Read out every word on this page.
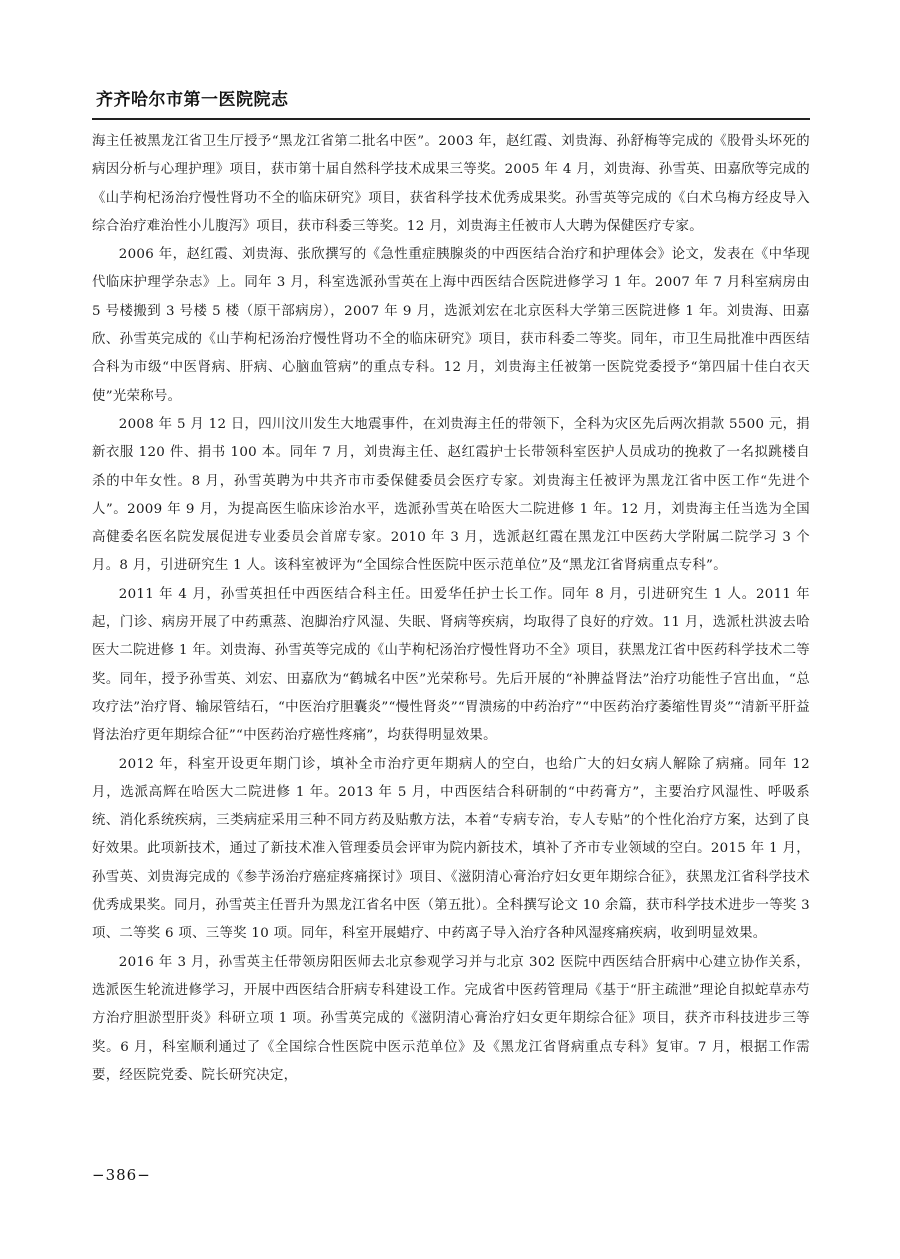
齐齐哈尔市第一医院院志

海主任被黑龙江省卫生厅授予“黑龙江省第二批名中医”。2003 年，赵红霞、刘贵海、孙舒梅等完成的《股骨头坏死的病因分析与心理护理》项目，获市第十届自然科学技术成果三等奖。2005 年 4 月，刘贵海、孙雪英、田嘉欣等完成的《山芋枸杞汤治疗慢性肾功不全的临床研究》项目，获省科学技术优秀成果奖。孙雪英等完成的《白术乌梅方经皮导入综合治疗难治性小儿腹泻》项目，获市科委三等奖。12 月，刘贵海主任被市人大聘为保健医疗专家。

2006 年，赵红霞、刘贵海、张欣撰写的《急性重症胰腺炎的中西医结合治疗和护理体会》论文，发表在《中华现代临床护理学杂志》上。同年 3 月，科室选派孙雪英在上海中西医结合医院进修学习 1 年。2007 年 7 月科室病房由 5 号楼搬到 3 号楼 5 楼（原干部病房），2007 年 9 月，选派刘宏在北京医科大学第三医院进修 1 年。刘贵海、田嘉欣、孙雪英完成的《山芋枸杞汤治疗慢性肾功不全的临床研究》项目，获市科委二等奖。同年，市卫生局批准中西医结合科为市级“中医肾病、肝病、心脑血管病”的重点专科。12 月，刘贵海主任被第一医院党委授予“第四届十佳白衣天使”光荣称号。

2008 年 5 月 12 日，四川汶川发生大地震事件，在刘贵海主任的带领下，全科为灾区先后两次捐款 5500 元，捐新衣服 120 件、捐书 100 本。同年 7 月，刘贵海主任、赵红霞护士长带领科室医护人员成功的挽救了一名拟跳楼自杀的中年女性。8 月，孙雪英聘为中共齐市市委保健委员会医疗专家。刘贵海主任被评为黑龙江省中医工作“先进个人”。2009 年 9 月，为提高医生临床诊治水平，选派孙雪英在哈医大二院进修 1 年。12 月，刘贵海主任当选为全国高健委名医名院发展促进专业委员会首席专家。2010 年 3 月，选派赵红霞在黑龙江中医药大学附属二院学习 3 个月。8 月，引进研究生 1 人。该科室被评为“全国综合性医院中医示范单位”及“黑龙江省肾病重点专科”。

2011 年 4 月，孙雪英担任中西医结合科主任。田爱华任护士长工作。同年 8 月，引进研究生 1 人。2011 年起，门诊、病房开展了中药熏蒸、泡脚治疗风湿、失眠、肾病等疾病，均取得了良好的疗效。11 月，选派杜洪波去哈医大二院进修 1 年。刘贵海、孙雪英等完成的《山芋枸杞汤治疗慢性肾功不全》项目，获黑龙江省中医药科学技术二等奖。同年，授予孙雪英、刘宏、田嘉欣为“鹤城名中医”光荣称号。先后开展的“补脾益肾法”治疗功能性子宫出血，“总攻疗法”治疗肾、输尿管结石，“中医治疗胆囊炎”“慢性肾炎”“胃溃疡的中药治疗”“中医药治疗萎缩性胃炎”“清新平肝益肾法治疗更年期综合征”“中医药治疗癌性疼痛”，均获得明显效果。

2012 年，科室开设更年期门诊，填补全市治疗更年期病人的空白，也给广大的妇女病人解除了病痛。同年 12 月，选派高辉在哈医大二院进修 1 年。2013 年 5 月，中西医结合科研制的“中药膏方”，主要治疗风湿性、呼吸系统、消化系统疾病，三类病症采用三种不同方药及贴敷方法，本着“专病专治，专人专贴”的个性化治疗方案，达到了良好效果。此项新技术，通过了新技术准入管理委员会评审为院内新技术，填补了齐市专业领域的空白。2015 年 1 月，孙雪英、刘贵海完成的《参芋汤治疗癌症疼痛探讨》项目、《滋阴清心膏治疗妇女更年期综合征》，获黑龙江省科学技术优秀成果奖。同月，孙雪英主任晋升为黑龙江省名中医（第五批）。全科撰写论文 10 余篇，获市科学技术进步一等奖 3 项、二等奖 6 项、三等奖 10 项。同年，科室开展蜡疗、中药离子导入治疗各种风湿疼痛疾病，收到明显效果。

2016 年 3 月，孙雪英主任带领房阳医师去北京参观学习并与北京 302 医院中西医结合肝病中心建立协作关系，选派医生轮流进修学习，开展中西医结合肝病专科建设工作。完成省中医药管理局《基于“肝主疏泄”理论自拟蛇草赤芍方治疗胆淤型肝炎》科研立项 1 项。孙雪英完成的《滋阴清心膏治疗妇女更年期综合征》项目，获齐市科技进步三等奖。6 月，科室顺利通过了《全国综合性医院中医示范单位》及《黑龙江省肾病重点专科》复审。7 月，根据工作需要，经医院党委、院长研究决定，

−386−
